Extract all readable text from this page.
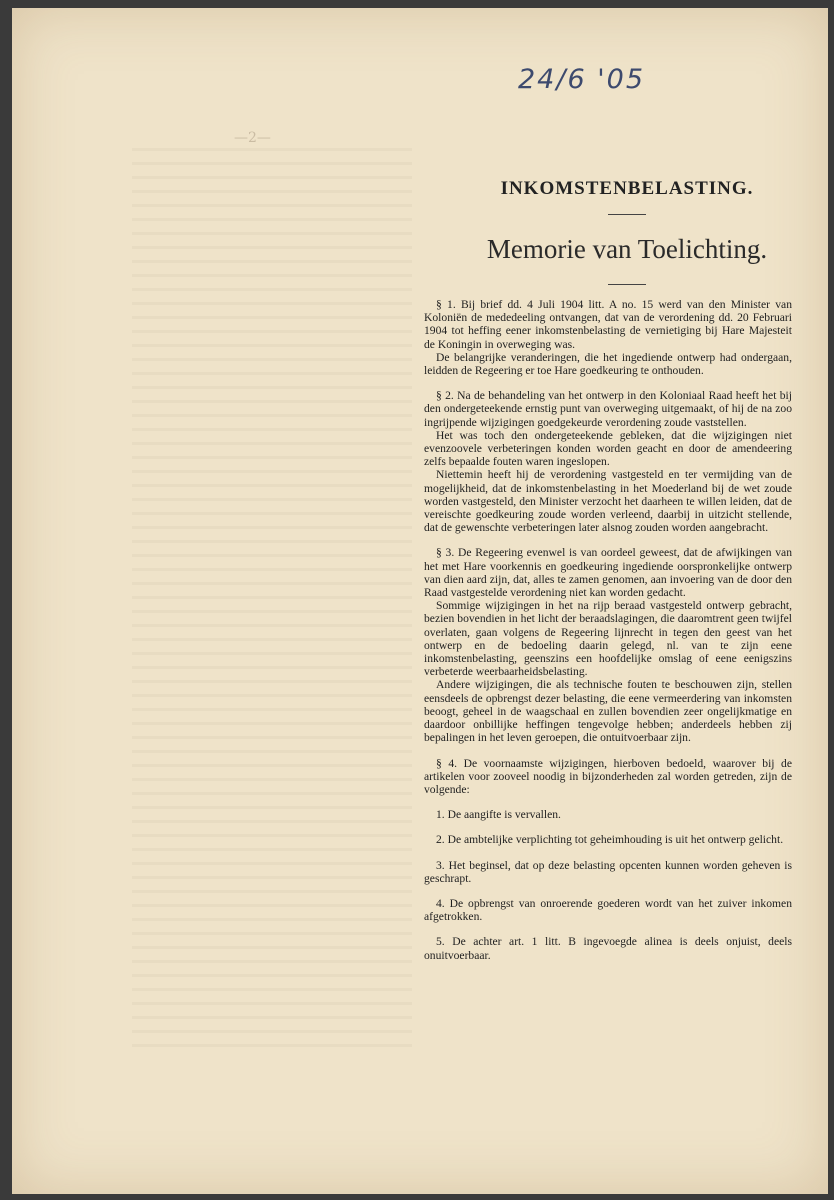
—2—
24/6 '05
INKOMSTENBELASTING.
Memorie van Toelichting.

§ 1. Bij brief dd. 4 Juli 1904 litt. A no. 15 werd van den Minister van Koloniën de mededeeling ontvangen, dat van de verordening dd. 20 Februari 1904 tot heffing eener inkomstenbelasting de vernietiging bij Hare Majesteit de Koningin in overweging was.

De belangrijke veranderingen, die het ingediende ontwerp had ondergaan, leidden de Regeering er toe Hare goedkeuring te onthouden.

§ 2. Na de behandeling van het ontwerp in den Koloniaal Raad heeft het bij den ondergeteekende ernstig punt van overweging uitgemaakt, of hij de na zoo ingrijpende wijzigingen goedgekeurde verordening zoude vaststellen.

Het was toch den ondergeteekende gebleken, dat die wijzigingen niet evenzoovele verbeteringen konden worden geacht en door de amendeering zelfs bepaalde fouten waren ingeslopen.

Niettemin heeft hij de verordening vastgesteld en ter vermijding van de mogelijkheid, dat de inkomstenbelasting in het Moederland bij de wet zoude worden vastgesteld, den Minister verzocht het daarheen te willen leiden, dat de vereischte goedkeuring zoude worden verleend, daarbij in uitzicht stellende, dat de gewenschte verbeteringen later alsnog zouden worden aangebracht.

§ 3. De Regeering evenwel is van oordeel geweest, dat de afwijkingen van het met Hare voorkennis en goedkeuring ingediende oorspronkelijke ontwerp van dien aard zijn, dat, alles te zamen genomen, aan invoering van de door den Raad vastgestelde verordening niet kan worden gedacht.

Sommige wijzigingen in het na rijp beraad vastgesteld ontwerp gebracht, bezien bovendien in het licht der beraadslagingen, die daaromtrent geen twijfel overlaten, gaan volgens de Regeering lijnrecht in tegen den geest van het ontwerp en de bedoeling daarin gelegd, nl. van te zijn eene inkomstenbelasting, geenszins een hoofdelijke omslag of eene eenigszins verbeterde weerbaarheidsbelasting.

Andere wijzigingen, die als technische fouten te beschouwen zijn, stellen eensdeels de opbrengst dezer belasting, die eene vermeerdering van inkomsten beoogt, geheel in de waagschaal en zullen bovendien zeer ongelijkmatige en daardoor onbillijke heffingen tengevolge hebben; anderdeels hebben zij bepalingen in het leven geroepen, die ontuitvoerbaar zijn.

§ 4. De voornaamste wijzigingen, hierboven bedoeld, waarover bij de artikelen voor zooveel noodig in bijzonderheden zal worden getreden, zijn de volgende:

1. De aangifte is vervallen.

2. De ambtelijke verplichting tot geheimhouding is uit het ontwerp gelicht.

3. Het beginsel, dat op deze belasting opcenten kunnen worden geheven is geschrapt.

4. De opbrengst van onroerende goederen wordt van het zuiver inkomen afgetrokken.

5. De achter art. 1 litt. B ingevoegde alinea is deels onjuist, deels onuitvoerbaar.
